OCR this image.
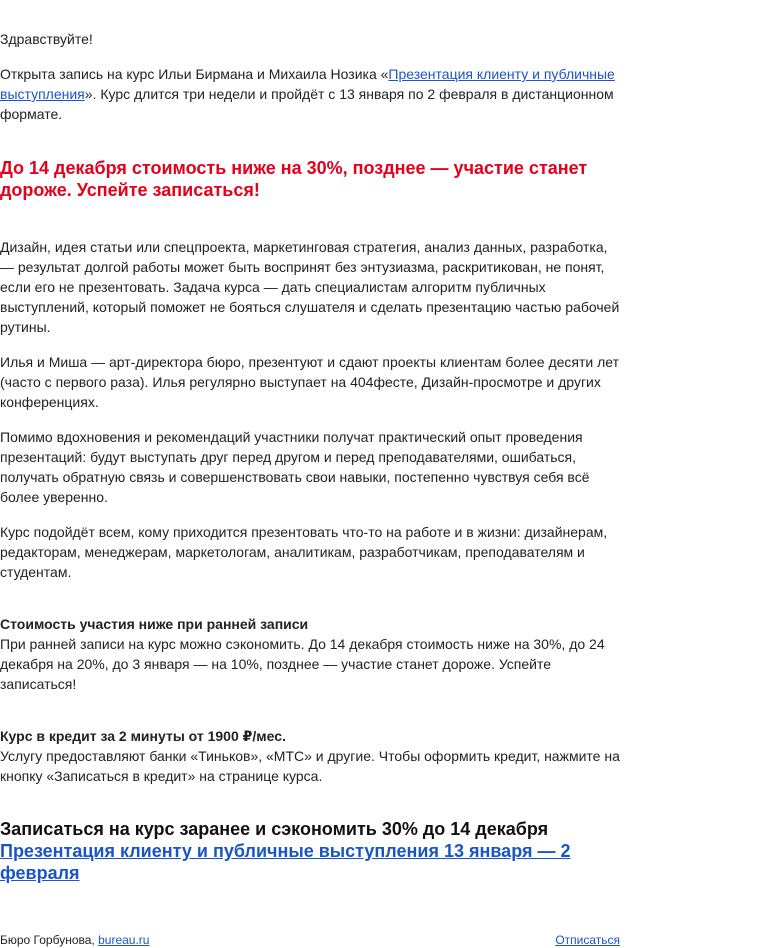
Здравствуйте!

Открыта запись на курс Ильи Бирмана и Михаила Нозика «Презентация клиенту и публичные выступления». Курс длится три недели и пройдёт с 13 января по 2 февраля в дистанционном формате.

До 14 декабря стоимость ниже на 30%, позднее — участие станет дороже. Успейте записаться!

Дизайн, идея статьи или спецпроекта, маркетинговая стратегия, анализ данных, разработка, — результат долгой работы может быть воспринят без энтузиазма, раскритикован, не понят, если его не презентовать. Задача курса — дать специалистам алгоритм публичных выступлений, который поможет не бояться слушателя и сделать презентацию частью рабочей рутины.

Илья и Миша — арт-директора бюро, презентуют и сдают проекты клиентам более десяти лет (часто с первого раза). Илья регулярно выступает на 404фесте, Дизайн-просмотре и других конференциях.

Помимо вдохновения и рекомендаций участники получат практический опыт проведения презентаций: будут выступать друг перед другом и перед преподавателями, ошибаться, получать обратную связь и совершенствовать свои навыки, постепенно чувствуя себя всё более уверенно.

Курс подойдёт всем, кому приходится презентовать что-то на работе и в жизни: дизайнерам, редакторам, менеджерам, маркетологам, аналитикам, разработчикам, преподавателям и студентам.

Стоимость участия ниже при ранней записи

При ранней записи на курс можно сэкономить. До 14 декабря стоимость ниже на 30%, до 24 декабря на 20%, до 3 января — на 10%, позднее — участие станет дороже. Успейте записаться!

Курс в кредит за 2 минуты от 1900 ₽/мес.

Услугу предоставляют банки «Тиньков», «МТС» и другие. Чтобы оформить кредит, нажмите на кнопку «Записаться в кредит» на странице курса.

Записаться на курс заранее и сэкономить 30% до 14 декабря
Презентация клиенту и публичные выступления 13 января — 2 февраля
Бюро Горбунова, bureau.ru	Отписаться
